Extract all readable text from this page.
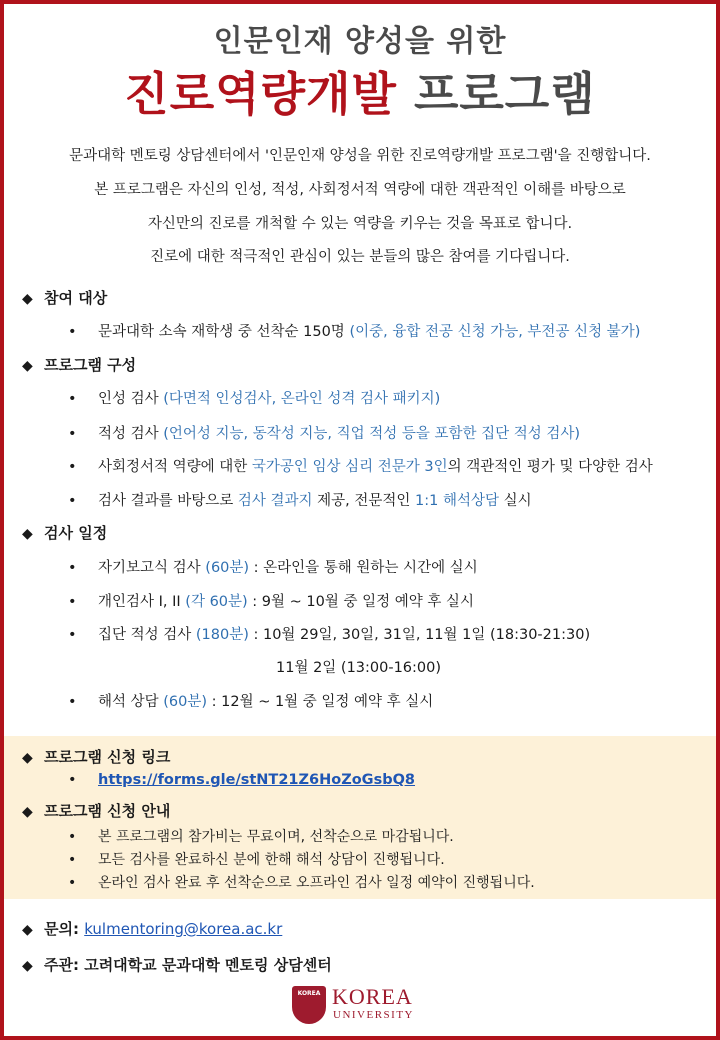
인문인재 양성을 위한
진로역량개발 프로그램
문과대학 멘토링 상담센터에서 '인문인재 양성을 위한 진로역량개발 프로그램'을 진행합니다.
본 프로그램은 자신의 인성, 적성, 사회정서적 역량에 대한 객관적인 이해를 바탕으로
자신만의 진로를 개척할 수 있는 역량을 키우는 것을 목표로 합니다.
진로에 대한 적극적인 관심이 있는 분들의 많은 참여를 기다립니다.
◆ 참여 대상
• 문과대학 소속 재학생 중 선착순 150명 (이중, 융합 전공 신청 가능, 부전공 신청 불가)
◆ 프로그램 구성
• 인성 검사 (다면적 인성검사, 온라인 성격 검사 패키지)
• 적성 검사 (언어성 지능, 동작성 지능, 직업 적성 등을 포함한 집단 적성 검사)
• 사회정서적 역량에 대한 국가공인 임상 심리 전문가 3인의 객관적인 평가 및 다양한 검사
• 검사 결과를 바탕으로 검사 결과지 제공, 전문적인 1:1 해석상담 실시
◆ 검사 일정
• 자기보고식 검사 (60분) : 온라인을 통해 원하는 시간에 실시
• 개인검사 I, II (각 60분) : 9월 ~ 10월 중 일정 예약 후 실시
• 집단 적성 검사 (180분) : 10월 29일, 30일, 31일, 11월 1일 (18:30-21:30)
11월 2일 (13:00-16:00)
• 해석 상담 (60분) : 12월 ~ 1월 중 일정 예약 후 실시
◆ 프로그램 신청 링크
• https://forms.gle/stNT21Z6HoZoGsbQ8
◆ 프로그램 신청 안내
• 본 프로그램의 참가비는 무료이며, 선착순으로 마감됩니다.
• 모든 검사를 완료하신 분에 한해 해석 상담이 진행됩니다.
• 온라인 검사 완료 후 선착순으로 오프라인 검사 일정 예약이 진행됩니다.
◆ 문의: kulmentoring@korea.ac.kr
◆ 주관: 고려대학교 문과대학 멘토링 상담센터
KOREA KOREA
UNIVERSITY
